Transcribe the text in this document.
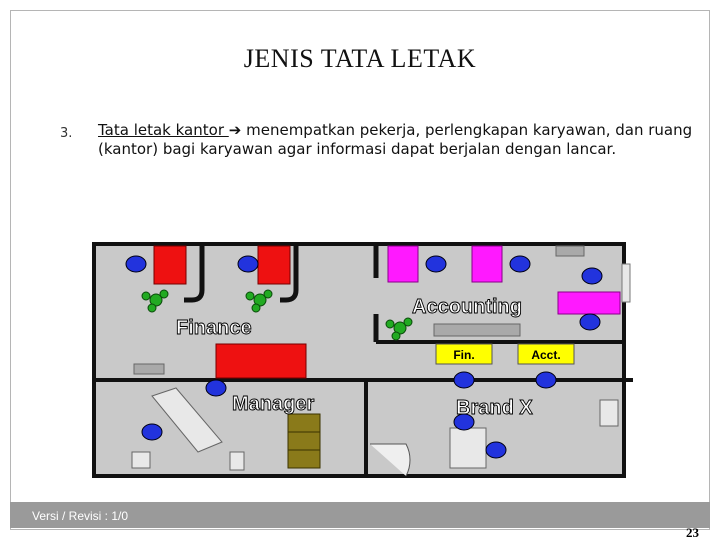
JENIS TATA LETAK
3. Tata letak kantor ➔ menempatkan pekerja, perlengkapan karyawan, dan ruang (kantor) bagi karyawan agar informasi dapat berjalan dengan lancar.
Fin.	Acct.
Finance
Accounting
Manager	Brand X
Versi / Revisi : 1/0
23
